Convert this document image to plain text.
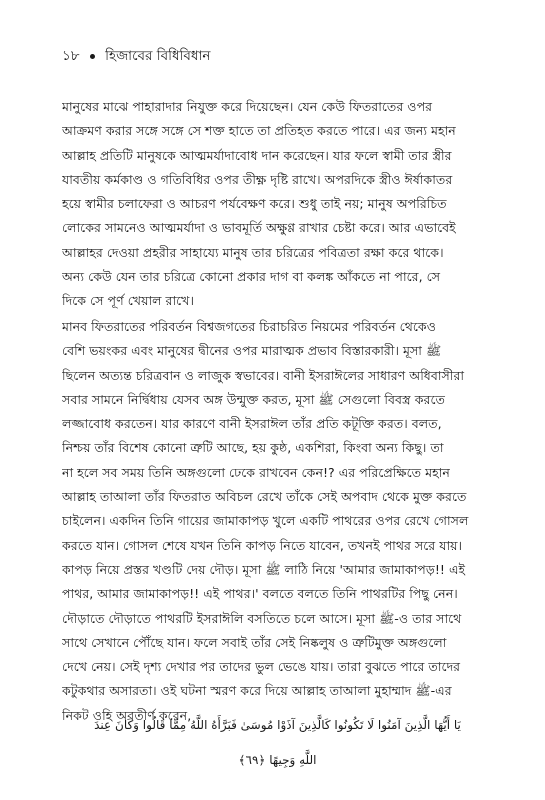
১৮ হিজাবের বিধিবিধান
মানুষের মাঝে পাহারাদার নিযুক্ত করে দিয়েছেন। যেন কেউ ফিতরাতের ওপর
আক্রমণ করার সঙ্গে সঙ্গে সে শক্ত হাতে তা প্রতিহত করতে পারে। এর জন্য মহান
আল্লাহ প্রতিটি মানুষকে আত্মমর্যাদাবোধ দান করেছেন। যার ফলে স্বামী তার স্ত্রীর
যাবতীয় কর্মকাণ্ড ও গতিবিধির ওপর তীক্ষ্ণ দৃষ্টি রাখে। অপরদিকে স্ত্রীও ঈর্ষাকাতর
হয়ে স্বামীর চলাফেরা ও আচরণ পর্যবেক্ষণ করে। শুধু তাই নয়; মানুষ অপরিচিত
লোকের সামনেও আত্মমর্যাদা ও ভাবমূর্তি অক্ষুণ্ণ রাখার চেষ্টা করে। আর এভাবেই
আল্লাহর দেওয়া প্রহরীর সাহায্যে মানুষ তার চরিত্রের পবিত্রতা রক্ষা করে থাকে।
অন্য কেউ যেন তার চরিত্রে কোনো প্রকার দাগ বা কলঙ্ক আঁকতে না পারে, সে
দিকে সে পূর্ণ খেয়াল রাখে।
মানব ফিতরাতের পরিবর্তন বিশ্বজগতের চিরাচরিত নিয়মের পরিবর্তন থেকেও
বেশি ভয়ংকর এবং মানুষের দ্বীনের ওপর মারাত্মক প্রভাব বিস্তারকারী। মূসা ﷺ
ছিলেন অত্যন্ত চরিত্রবান ও লাজুক স্বভাবের। বানী ইসরাঈলের সাধারণ অধিবাসীরা
সবার সামনে নির্দ্বিধায় যেসব অঙ্গ উন্মুক্ত করত, মূসা ﷺ সেগুলো বিবস্ত্র করতে
লজ্জাবোধ করতেন। যার কারণে বানী ইসরাঈল তাঁর প্রতি কটূক্তি করত। বলত,
নিশ্চয় তাঁর বিশেষ কোনো ত্রুটি আছে, হয় কুষ্ঠ, একশিরা, কিংবা অন্য কিছু। তা
না হলে সব সময় তিনি অঙ্গগুলো ঢেকে রাখবেন কেন!? এর পরিপ্রেক্ষিতে মহান
আল্লাহ তাআলা তাঁর ফিতরাত অবিচল রেখে তাঁকে সেই অপবাদ থেকে মুক্ত করতে
চাইলেন। একদিন তিনি গায়ের জামাকাপড় খুলে একটি পাথরের ওপর রেখে গোসল
করতে যান। গোসল শেষে যখন তিনি কাপড় নিতে যাবেন, তখনই পাথর সরে যায়।
কাপড় নিয়ে প্রস্তর খণ্ডটি দেয় দৌড়। মূসা ﷺ লাঠি নিয়ে 'আমার জামাকাপড়!! এই
পাথর, আমার জামাকাপড়!! এই পাথর।' বলতে বলতে তিনি পাথরটির পিছু নেন।
দৌড়াতে দৌড়াতে পাথরটি ইসরাঈলি বসতিতে চলে আসে। মূসা ﷺ-ও তার সাথে
সাথে সেখানে পৌঁছে যান। ফলে সবাই তাঁর সেই নিষ্কলুষ ও ত্রুটিমুক্ত অঙ্গগুলো
দেখে নেয়। সেই দৃশ্য দেখার পর তাদের ভুল ভেঙে যায়। তারা বুঝতে পারে তাদের
কটুকথার অসারতা। ওই ঘটনা স্মরণ করে দিয়ে আল্লাহ তাআলা মুহাম্মাদ ﷺ-এর
নিকট ওহি অবতীর্ণ করেন,
يَا أَيُّهَا الَّذِينَ آمَنُوا لَا تَكُونُوا كَالَّذِينَ آذَوْا مُوسَىٰ فَبَرَّأَهُ اللَّهُ مِمَّا قَالُوا وَكَانَ عِندَ
اللَّهِ وَجِيهًا ﴿٦٩﴾
